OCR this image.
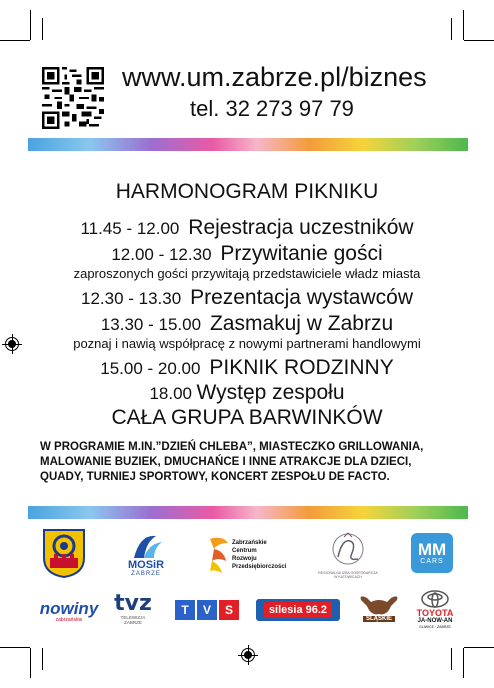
www.um.zabrze.pl/biznes
tel. 32 273 97 79
HARMONOGRAM PIKNIKU
11.45 - 12.00 Rejestracja uczestników
12.00 - 12.30 Przywitanie gości
zaproszonych gości przywitają przedstawiciele władz miasta
12.30 - 13.30 Prezentacja wystawców
13.30 - 15.00 Zasmakuj w Zabrzu
poznaj i nawią współpracę z nowymi partnerami handlowymi
15.00 - 20.00 PIKNIK RODZINNY
18.00 Występ zespołu
CAŁA GRUPA BARWINKÓW
W PROGRAMIE M.IN.”DZIEŃ CHLEBA”, MIASTECZKO GRILLOWANIA,
MALOWANIE BUZIEK, DMUCHAŃCE I INNE ATRAKCJE DLA DZIECI,
QUADY, TURNIEJ SPORTOWY, KONCERT ZESPOŁU DE FACTO.
MOSiR
ZABRZE
Zabrzańskie
Centrum
Rozwoju
Przedsiębiorczości
REGIONALNA IZBA GOSPODARCZA W KATOWICACH
MM
CARS
nowiny
zabrzańskie
tvz
TELEWIZJA ZABRZE
T	V	S	silesia 96.2
ŚLĄSKIE
TOYOTA
JA-NOW-AN
GLIWICE · ZABRZE
